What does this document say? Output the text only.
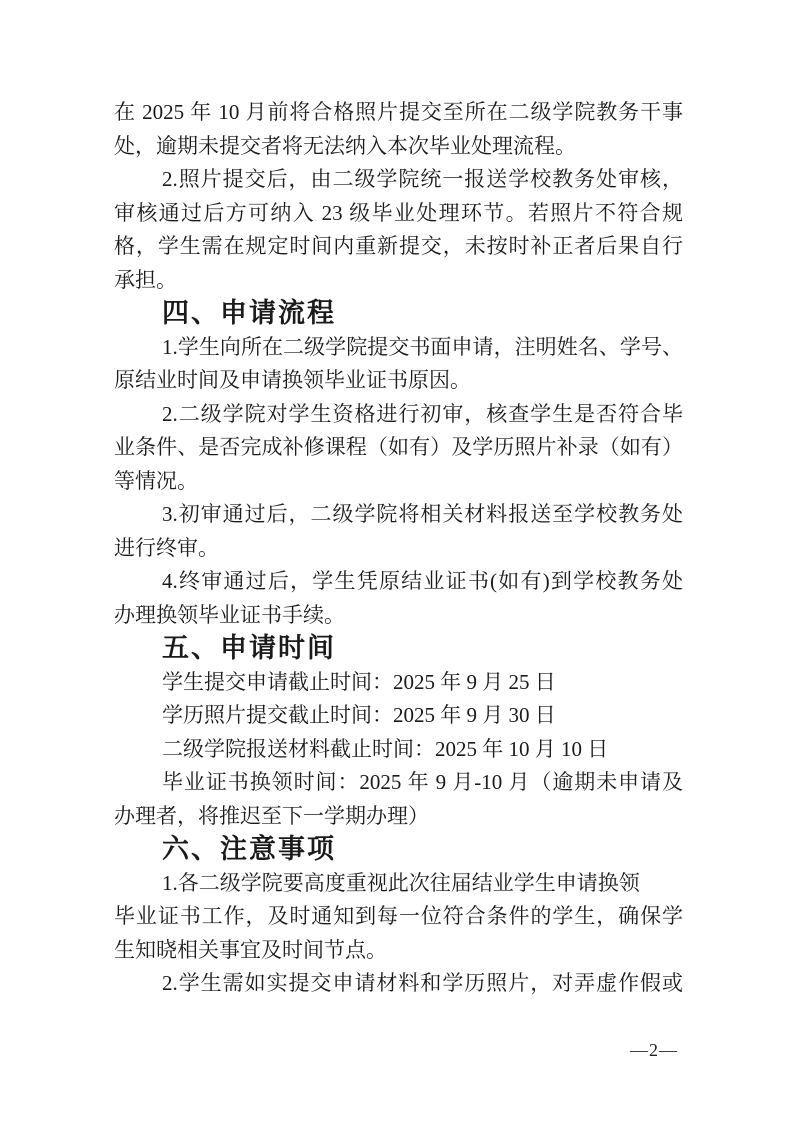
在 2025 年 10 月前将合格照片提交至所在二级学院教务干事
处，逾期未提交者将无法纳入本次毕业处理流程。
2.照片提交后，由二级学院统一报送学校教务处审核，
审核通过后方可纳入 23 级毕业处理环节。若照片不符合规
格，学生需在规定时间内重新提交，未按时补正者后果自行
承担。
四、申请流程
1.学生向所在二级学院提交书面申请，注明姓名、学号、
原结业时间及申请换领毕业证书原因。
2.二级学院对学生资格进行初审，核查学生是否符合毕
业条件、是否完成补修课程（如有）及学历照片补录（如有）
等情况。
3.初审通过后，二级学院将相关材料报送至学校教务处
进行终审。
4.终审通过后，学生凭原结业证书(如有)到学校教务处
办理换领毕业证书手续。
五、申请时间
学生提交申请截止时间：2025 年 9 月 25 日
学历照片提交截止时间：2025 年 9 月 30 日
二级学院报送材料截止时间：2025 年 10 月 10 日
毕业证书换领时间：2025 年 9 月-10 月（逾期未申请及
办理者，将推迟至下一学期办理）
六、注意事项
1.各二级学院要高度重视此次往届结业学生申请换领
毕业证书工作，及时通知到每一位符合条件的学生，确保学
生知晓相关事宜及时间节点。
2.学生需如实提交申请材料和学历照片，对弄虚作假或
—2—
